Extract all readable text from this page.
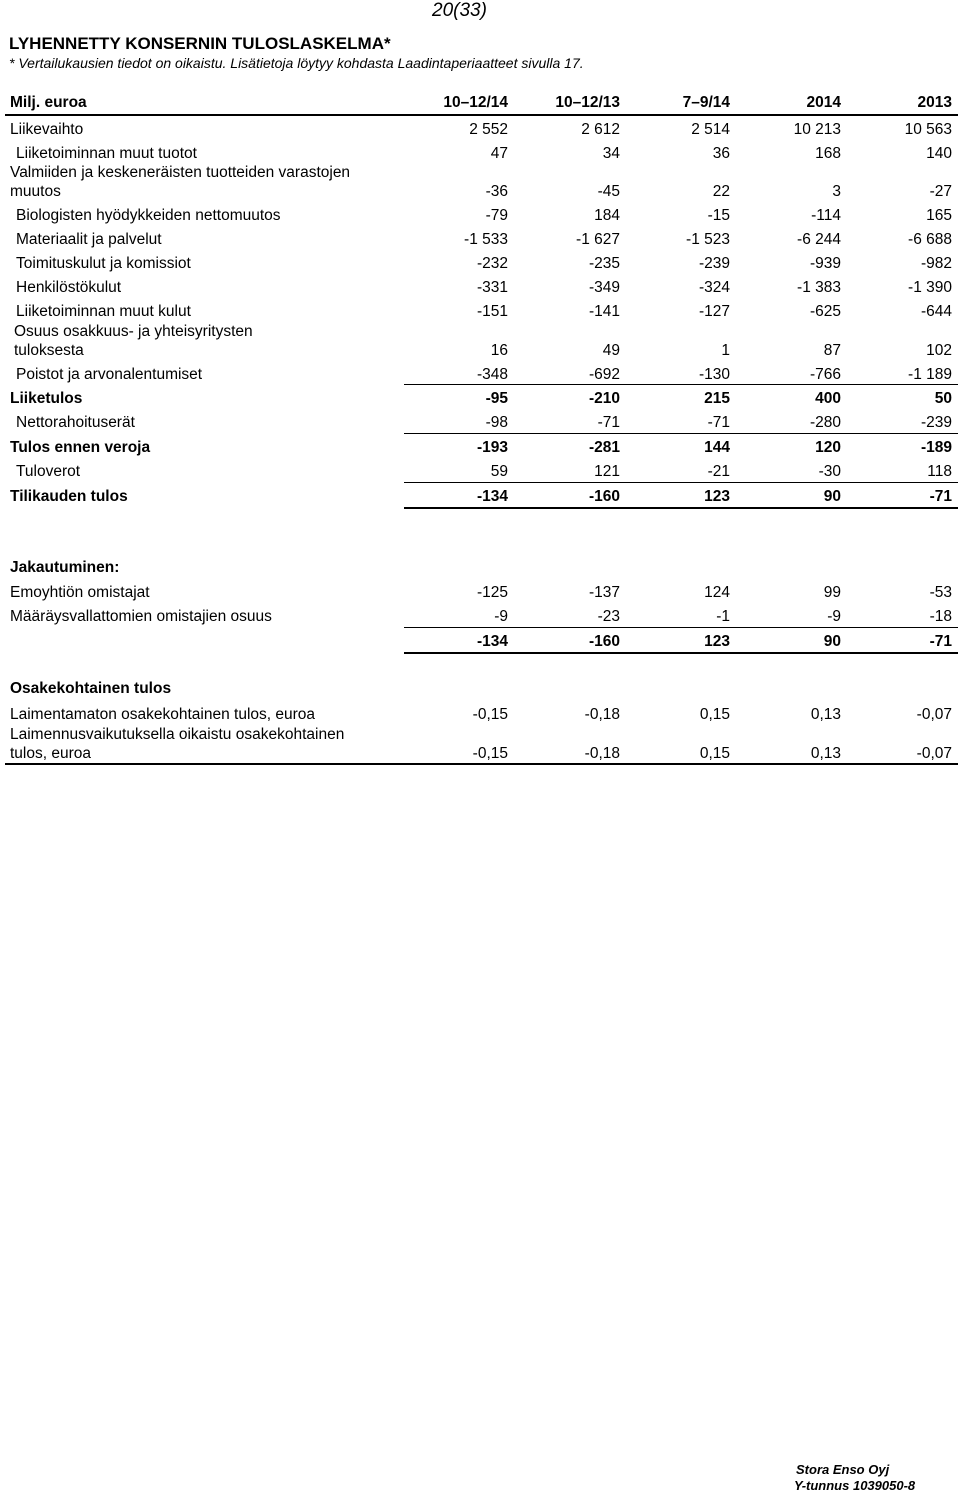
20(33)
LYHENNETTY KONSERNIN TULOSLASKELMA*
* Vertailukausien tiedot on oikaistu. Lisätietoja löytyy kohdasta Laadintaperiaatteet sivulla 17.
Milj. euroa	10–12/14	10–12/13	7–9/14	2014	2013
Liikevaihto	2 552	2 612	2 514	10 213	10 563
Liiketoiminnan muut tuotot	47	34	36	168	140
Valmiiden ja keskeneräisten tuotteiden varastojen
muutos	-36	-45	22	3	-27
Biologisten hyödykkeiden nettomuutos	-79	184	-15	-114	165
Materiaalit ja palvelut	-1 533	-1 627	-1 523	-6 244	-6 688
Toimituskulut ja komissiot	-232	-235	-239	-939	-982
Henkilöstökulut	-331	-349	-324	-1 383	-1 390
Liiketoiminnan muut kulut	-151	-141	-127	-625	-644
Osuus osakkuus- ja yhteisyritysten
tuloksesta	16	49	1	87	102
Poistot ja arvonalentumiset	-348	-692	-130	-766	-1 189
Liiketulos	-95	-210	215	400	50
Nettorahoituserät	-98	-71	-71	-280	-239
Tulos ennen veroja	-193	-281	144	120	-189
Tuloverot	59	121	-21	-30	118
Tilikauden tulos	-134	-160	123	90	-71
Jakautuminen:
Emoyhtiön omistajat	-125	-137	124	99	-53
Määräysvallattomien omistajien osuus	-9	-23	-1	-9	-18
-134	-160	123	90	-71
Osakekohtainen tulos
Laimentamaton osakekohtainen tulos, euroa	-0,15	-0,18	0,15	0,13	-0,07
Laimennusvaikutuksella oikaistu osakekohtainen
tulos, euroa	-0,15	-0,18	0,15	0,13	-0,07
Stora Enso Oyj
Y-tunnus 1039050-8
